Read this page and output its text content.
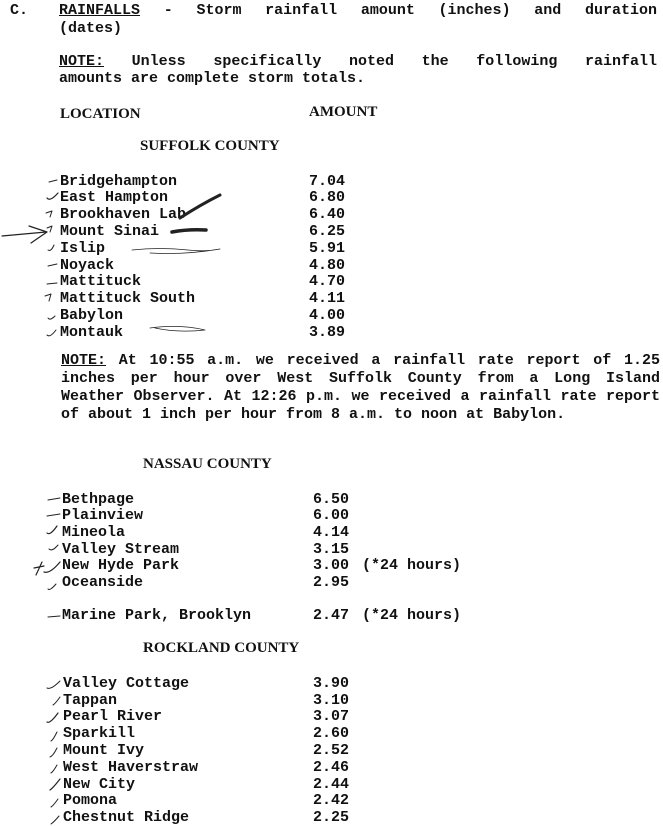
C. RAINFALLS - Storm rainfall amount (inches) and duration
(dates)
NOTE: Unless specifically noted the following rainfall
amounts are complete storm totals.
LOCATION	AMOUNT
SUFFOLK COUNTY
Bridgehampton	7.04
East Hampton	6.80
Brookhaven Lab	6.40
Mount Sinai	6.25
Islip	5.91
Noyack	4.80
Mattituck	4.70
Mattituck South	4.11
Babylon	4.00
Montauk	3.89
NOTE: At 10:55 a.m. we received a rainfall rate report of 1.25 inches per hour over West Suffolk County from a Long Island Weather Observer. At 12:26 p.m. we received a rainfall rate report of about 1 inch per hour from 8 a.m. to noon at Babylon.
NASSAU COUNTY
Bethpage	6.50
Plainview	6.00
Mineola	4.14
Valley Stream	3.15
New Hyde Park	3.00 (*24 hours)
Oceanside	2.95
Marine Park, Brooklyn	2.47 (*24 hours)
ROCKLAND COUNTY
Valley Cottage	3.90
Tappan	3.10
Pearl River	3.07
Sparkill	2.60
Mount Ivy	2.52
West Haverstraw	2.46
New City	2.44
Pomona	2.42
Chestnut Ridge	2.25
